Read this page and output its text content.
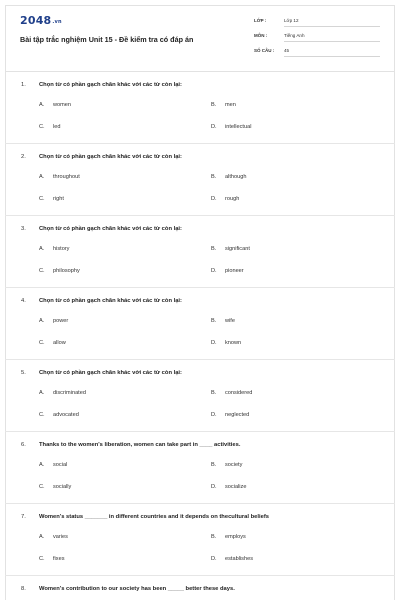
$2048^{.vn}$
Bài tập trắc nghiệm Unit 15 - Đề kiểm tra có đáp án
LỚP :	Lớp 12
MÔN :	Tiếng Anh
SỐ CÂU : 45
1. Chọn từ có phần gạch chân khác với các từ còn lại:
A. women	B. men
C. led	D. intellectual
2. Chọn từ có phần gạch chân khác với các từ còn lại:
A. throughout	B. although
C. right	D. rough
3. Chọn từ có phần gạch chân khác với các từ còn lại:
A. history	B. significant
C. philosophy	D. pioneer
4. Chọn từ có phần gạch chân khác với các từ còn lại:
A. power	B. wife
C. allow	D. known
5. Chọn từ có phần gạch chân khác với các từ còn lại:
A. discriminated	B. considered
C. advocated	D. neglected
6. Thanks to the women's liberation, women can take part in ____ activities.
A. social	B. society
C. socially	D. socialize
7. Women's status _______ in different countries and it depends on thecultural beliefs
A. varies	B. employs
C. fixes	D. establishes
8. Women's contribution to our society has been _____ better these days.
